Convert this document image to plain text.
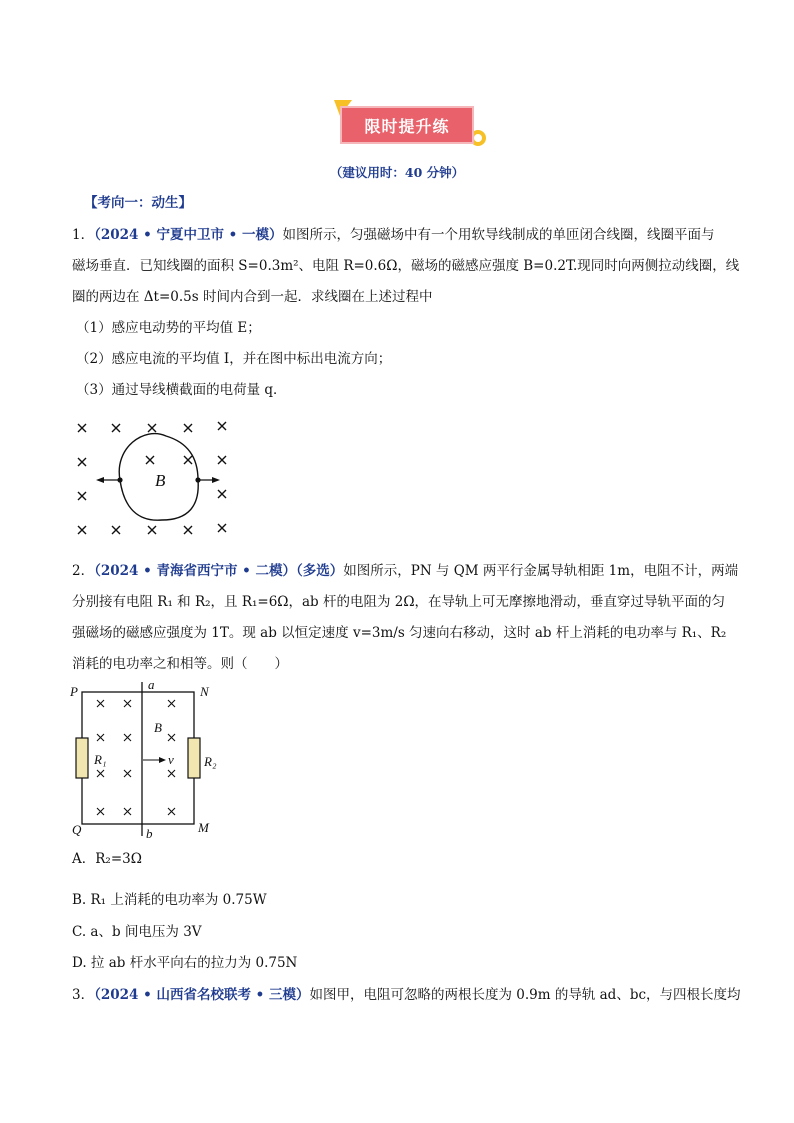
限时提升练
（建议用时：40 分钟）
【考向一：动生】
1．（2024 • 宁夏中卫市 • 一模）如图所示，匀强磁场中有一个用软导线制成的单匝闭合线圈，线圈平面与
磁场垂直．已知线圈的面积 S=0.3m²、电阻 R=0.6Ω，磁场的磁感应强度 B=0.2T.现同时向两侧拉动线圈，线
圈的两边在 Δt=0.5s 时间内合到一起．求线圈在上述过程中
（1）感应电动势的平均值 E；
（2）感应电流的平均值 I，并在图中标出电流方向；
（3）通过导线横截面的电荷量 q．
B
2．（2024 • 青海省西宁市 • 二模）（多选）如图所示，PN 与 QM 两平行金属导轨相距 1m，电阻不计，两端
分别接有电阻 R₁ 和 R₂，且 R₁=6Ω，ab 杆的电阻为 2Ω，在导轨上可无摩擦地滑动，垂直穿过导轨平面的匀
强磁场的磁感应强度为 1T。现 ab 以恒定速度 v=3m/s 匀速向右移动，这时 ab 杆上消耗的电功率与 R₁、R₂
消耗的电功率之和相等。则（　　）
P	N
Q	M
a
b
B
v
R₁	R₂
A．R₂=3Ω
B. R₁ 上消耗的电功率为 0.75W
C. a、b 间电压为 3V
D. 拉 ab 杆水平向右的拉力为 0.75N
3．（2024 • 山西省名校联考 • 三模）如图甲，电阻可忽略的两根长度为 0.9m 的导轨 ad、bc，与四根长度均
